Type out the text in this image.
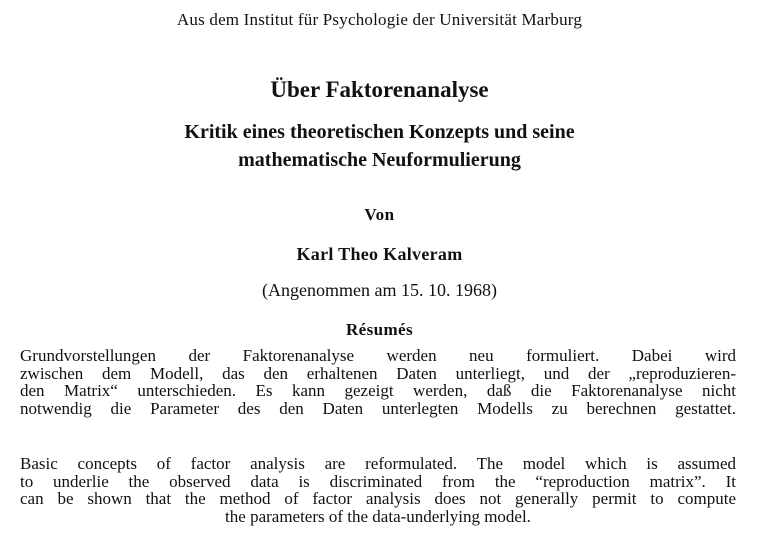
Aus dem Institut für Psychologie der Universität Marburg
Über Faktorenanalyse
Kritik eines theoretischen Konzepts und seine
mathematische Neuformulierung
Von
Karl Theo Kalveram
(Angenommen am 15. 10. 1968)
Résumés
Grundvorstellungen der Faktorenanalyse werden neu formuliert. Dabei wird
zwischen dem Modell, das den erhaltenen Daten unterliegt, und der „reproduzieren-
den Matrix“ unterschieden. Es kann gezeigt werden, daß die Faktorenanalyse nicht
notwendig die Parameter des den Daten unterlegten Modells zu berechnen gestattet.
Basic concepts of factor analysis are reformulated. The model which is assumed
to underlie the observed data is discriminated from the “reproduction matrix”. It
can be shown that the method of factor analysis does not generally permit to compute
the parameters of the data-underlying model.
